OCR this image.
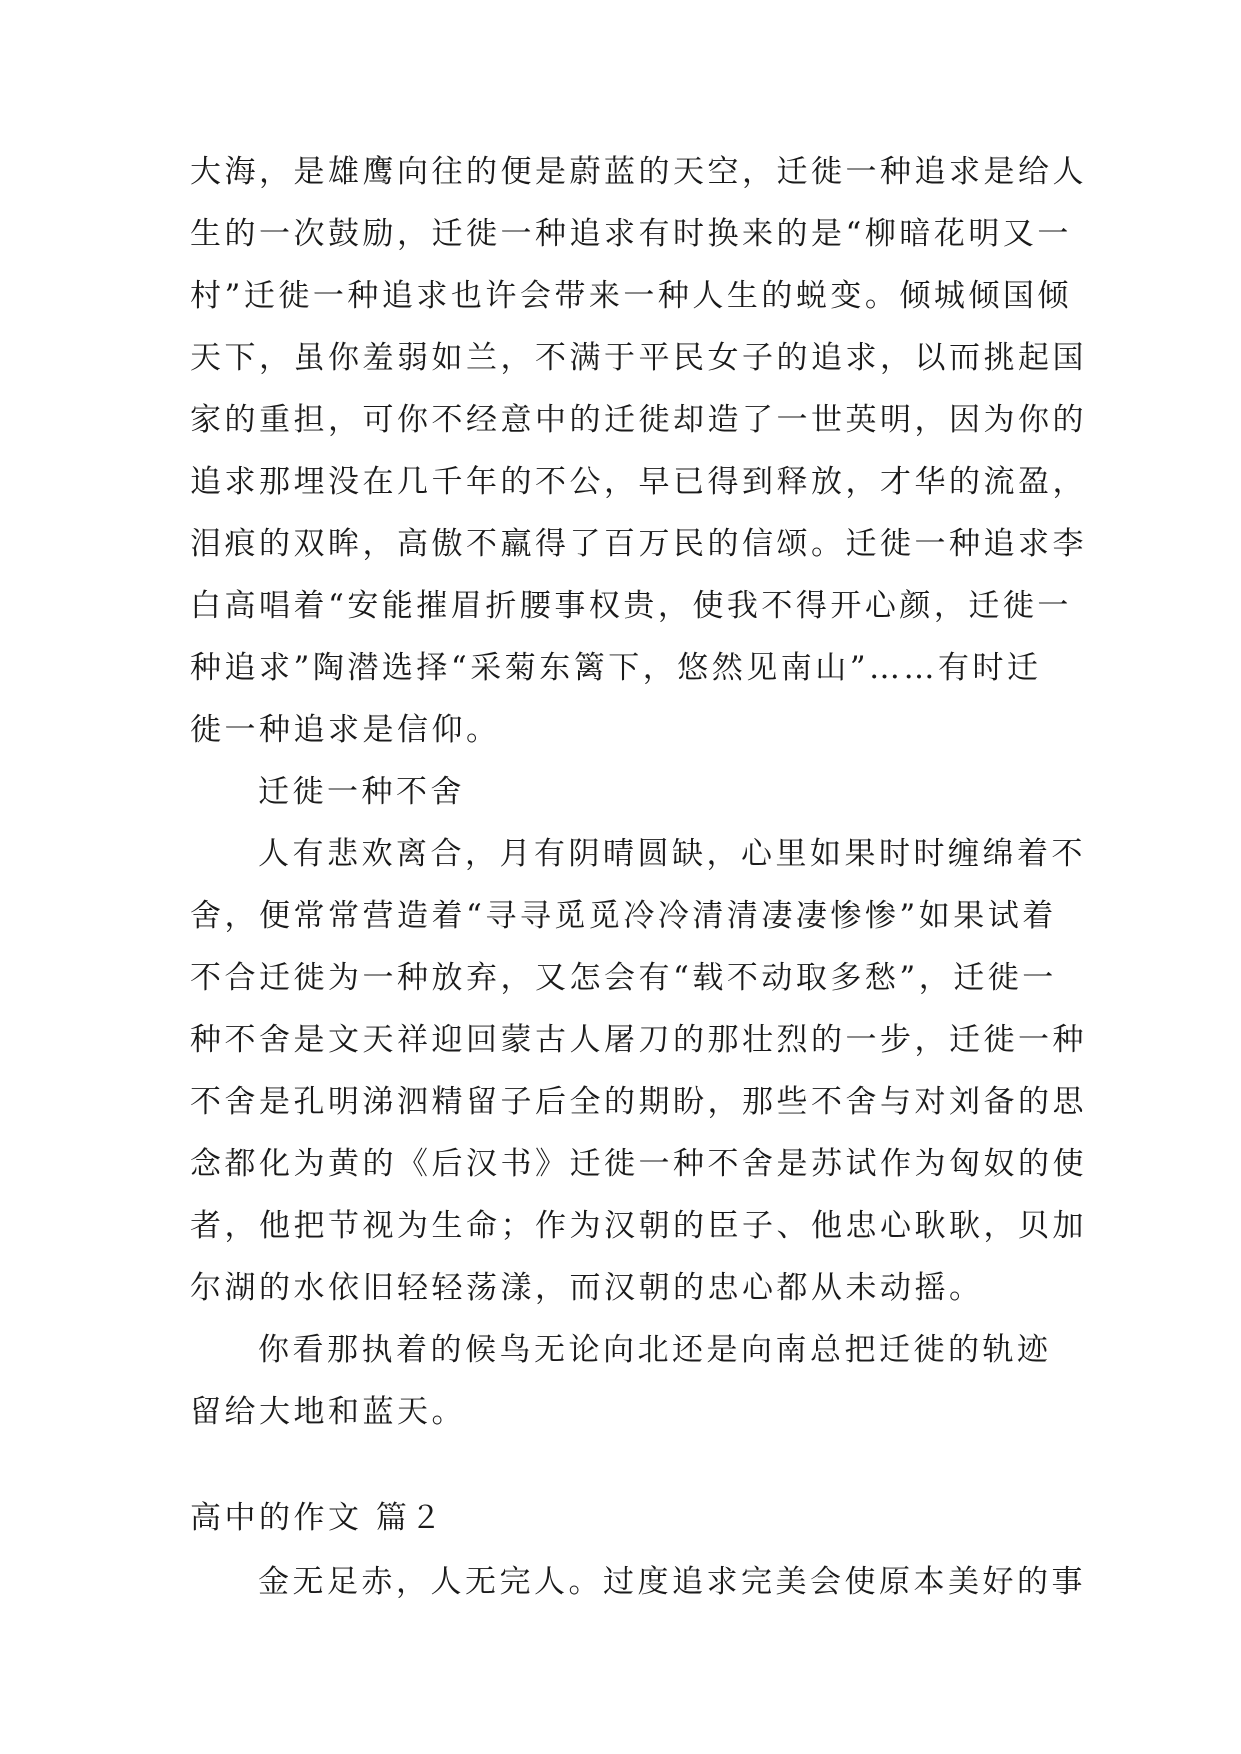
大海，是雄鹰向往的便是蔚蓝的天空，迁徙一种追求是给人
生的一次鼓励，迁徙一种追求有时换来的是“柳暗花明又一
村”迁徙一种追求也许会带来一种人生的蜕变。倾城倾国倾
天下，虽你羞弱如兰，不满于平民女子的追求，以而挑起国
家的重担，可你不经意中的迁徙却造了一世英明，因为你的
追求那埋没在几千年的不公，早已得到释放，才华的流盈，
泪痕的双眸，高傲不羸得了百万民的信颂。迁徙一种追求李
白高唱着“安能摧眉折腰事权贵，使我不得开心颜，迁徙一
种追求”陶潜选择“采菊东篱下，悠然见南山”……有时迁
徙一种追求是信仰。
迁徙一种不舍
人有悲欢离合，月有阴晴圆缺，心里如果时时缠绵着不
舍，便常常营造着“寻寻觅觅冷冷清清凄凄惨惨”如果试着
不合迁徙为一种放弃，又怎会有“载不动取多愁”，迁徙一
种不舍是文天祥迎回蒙古人屠刀的那壮烈的一步，迁徙一种
不舍是孔明涕泗精留子后全的期盼，那些不舍与对刘备的思
念都化为黄的《后汉书》迁徙一种不舍是苏试作为匈奴的使
者，他把节视为生命；作为汉朝的臣子、他忠心耿耿，贝加
尔湖的水依旧轻轻荡漾，而汉朝的忠心都从未动摇。
你看那执着的候鸟无论向北还是向南总把迁徙的轨迹
留给大地和蓝天。
高中的作文 篇２
金无足赤，人无完人。过度追求完美会使原本美好的事
